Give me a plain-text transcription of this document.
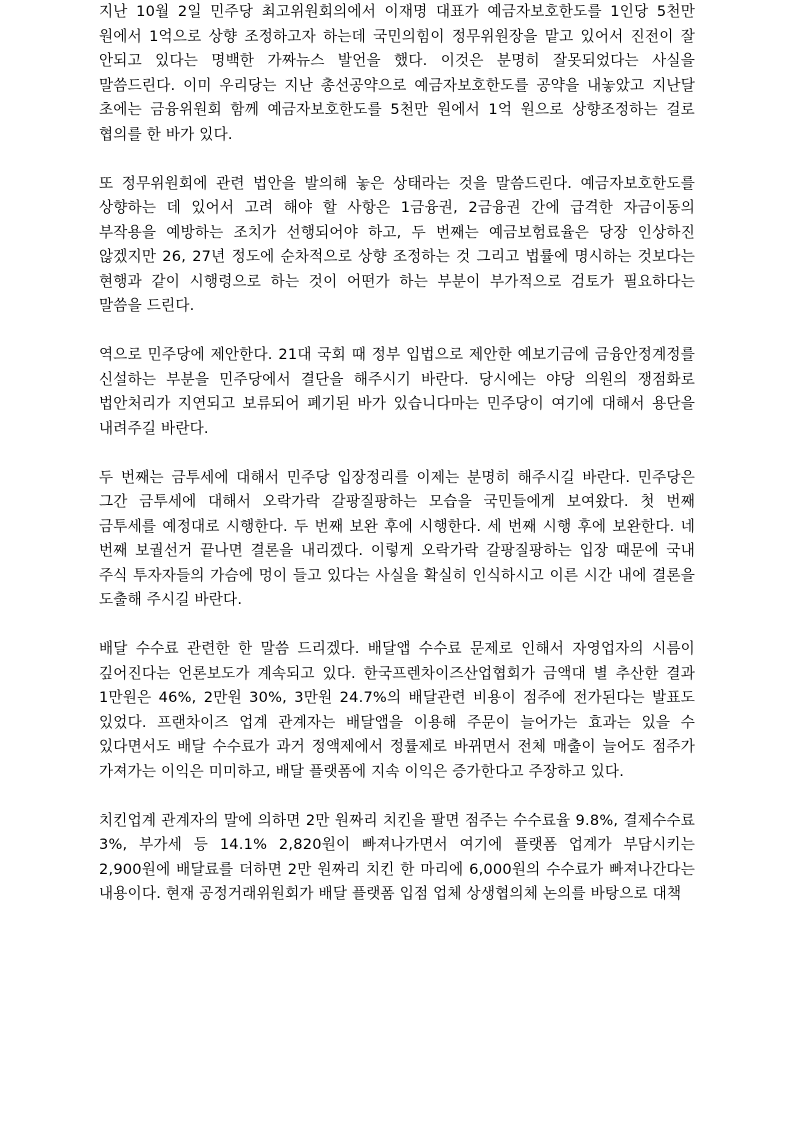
지난 10월 2일 민주당 최고위원회의에서 이재명 대표가 예금자보호한도를 1인당 5천만 원에서 1억으로 상향 조정하고자 하는데 국민의힘이 정무위원장을 맡고 있어서 진전이 잘 안되고 있다는 명백한 가짜뉴스 발언을 했다. 이것은 분명히 잘못되었다는 사실을 말씀드린다. 이미 우리당는 지난 총선공약으로 예금자보호한도를 공약을 내놓았고 지난달 초에는 금융위원회 함께 예금자보호한도를 5천만 원에서 1억 원으로 상향조정하는 걸로 협의를 한 바가 있다.

또 정무위원회에 관련 법안을 발의해 놓은 상태라는 것을 말씀드린다. 예금자보호한도를 상향하는 데 있어서 고려 해야 할 사항은 1금융권, 2금융권 간에 급격한 자금이동의 부작용을 예방하는 조치가 선행되어야 하고, 두 번째는 예금보험료율은 당장 인상하진 않겠지만 26, 27년 정도에 순차적으로 상향 조정하는 것 그리고 법률에 명시하는 것보다는 현행과 같이 시행령으로 하는 것이 어떤가 하는 부분이 부가적으로 검토가 필요하다는 말씀을 드린다.

역으로 민주당에 제안한다. 21대 국회 때 정부 입법으로 제안한 예보기금에 금융안정계정를 신설하는 부분을 민주당에서 결단을 해주시기 바란다. 당시에는 야당 의원의 쟁점화로 법안처리가 지연되고 보류되어 폐기된 바가 있습니다마는 민주당이 여기에 대해서 용단을 내려주길 바란다.

두 번째는 금투세에 대해서 민주당 입장정리를 이제는 분명히 해주시길 바란다. 민주당은 그간 금투세에 대해서 오락가락 갈팡질팡하는 모습을 국민들에게 보여왔다. 첫 번째 금투세를 예정대로 시행한다. 두 번째 보완 후에 시행한다. 세 번째 시행 후에 보완한다. 네 번째 보궐선거 끝나면 결론을 내리겠다. 이렇게 오락가락 갈팡질팡하는 입장 때문에 국내 주식 투자자들의 가슴에 멍이 들고 있다는 사실을 확실히 인식하시고 이른 시간 내에 결론을 도출해 주시길 바란다.

배달 수수료 관련한 한 말씀 드리겠다. 배달앱 수수료 문제로 인해서 자영업자의 시름이 깊어진다는 언론보도가 계속되고 있다. 한국프렌차이즈산업협회가 금액대 별 추산한 결과 1만원은 46%, 2만원 30%, 3만원 24.7%의 배달관련 비용이 점주에 전가된다는 발표도 있었다. 프랜차이즈 업계 관계자는 배달앱을 이용해 주문이 늘어가는 효과는 있을 수 있다면서도 배달 수수료가 과거 정액제에서 정률제로 바뀌면서 전체 매출이 늘어도 점주가 가져가는 이익은 미미하고, 배달 플랫폼에 지속 이익은 증가한다고 주장하고 있다.

치킨업계 관계자의 말에 의하면 2만 원짜리 치킨을 팔면 점주는 수수료율 9.8%, 결제수수료 3%, 부가세 등 14.1% 2,820원이 빠져나가면서 여기에 플랫폼 업계가 부담시키는 2,900원에 배달료를 더하면 2만 원짜리 치킨 한 마리에 6,000원의 수수료가 빠져나간다는 내용이다. 현재 공정거래위원회가 배달 플랫폼 입점 업체 상생협의체 논의를 바탕으로 대책
